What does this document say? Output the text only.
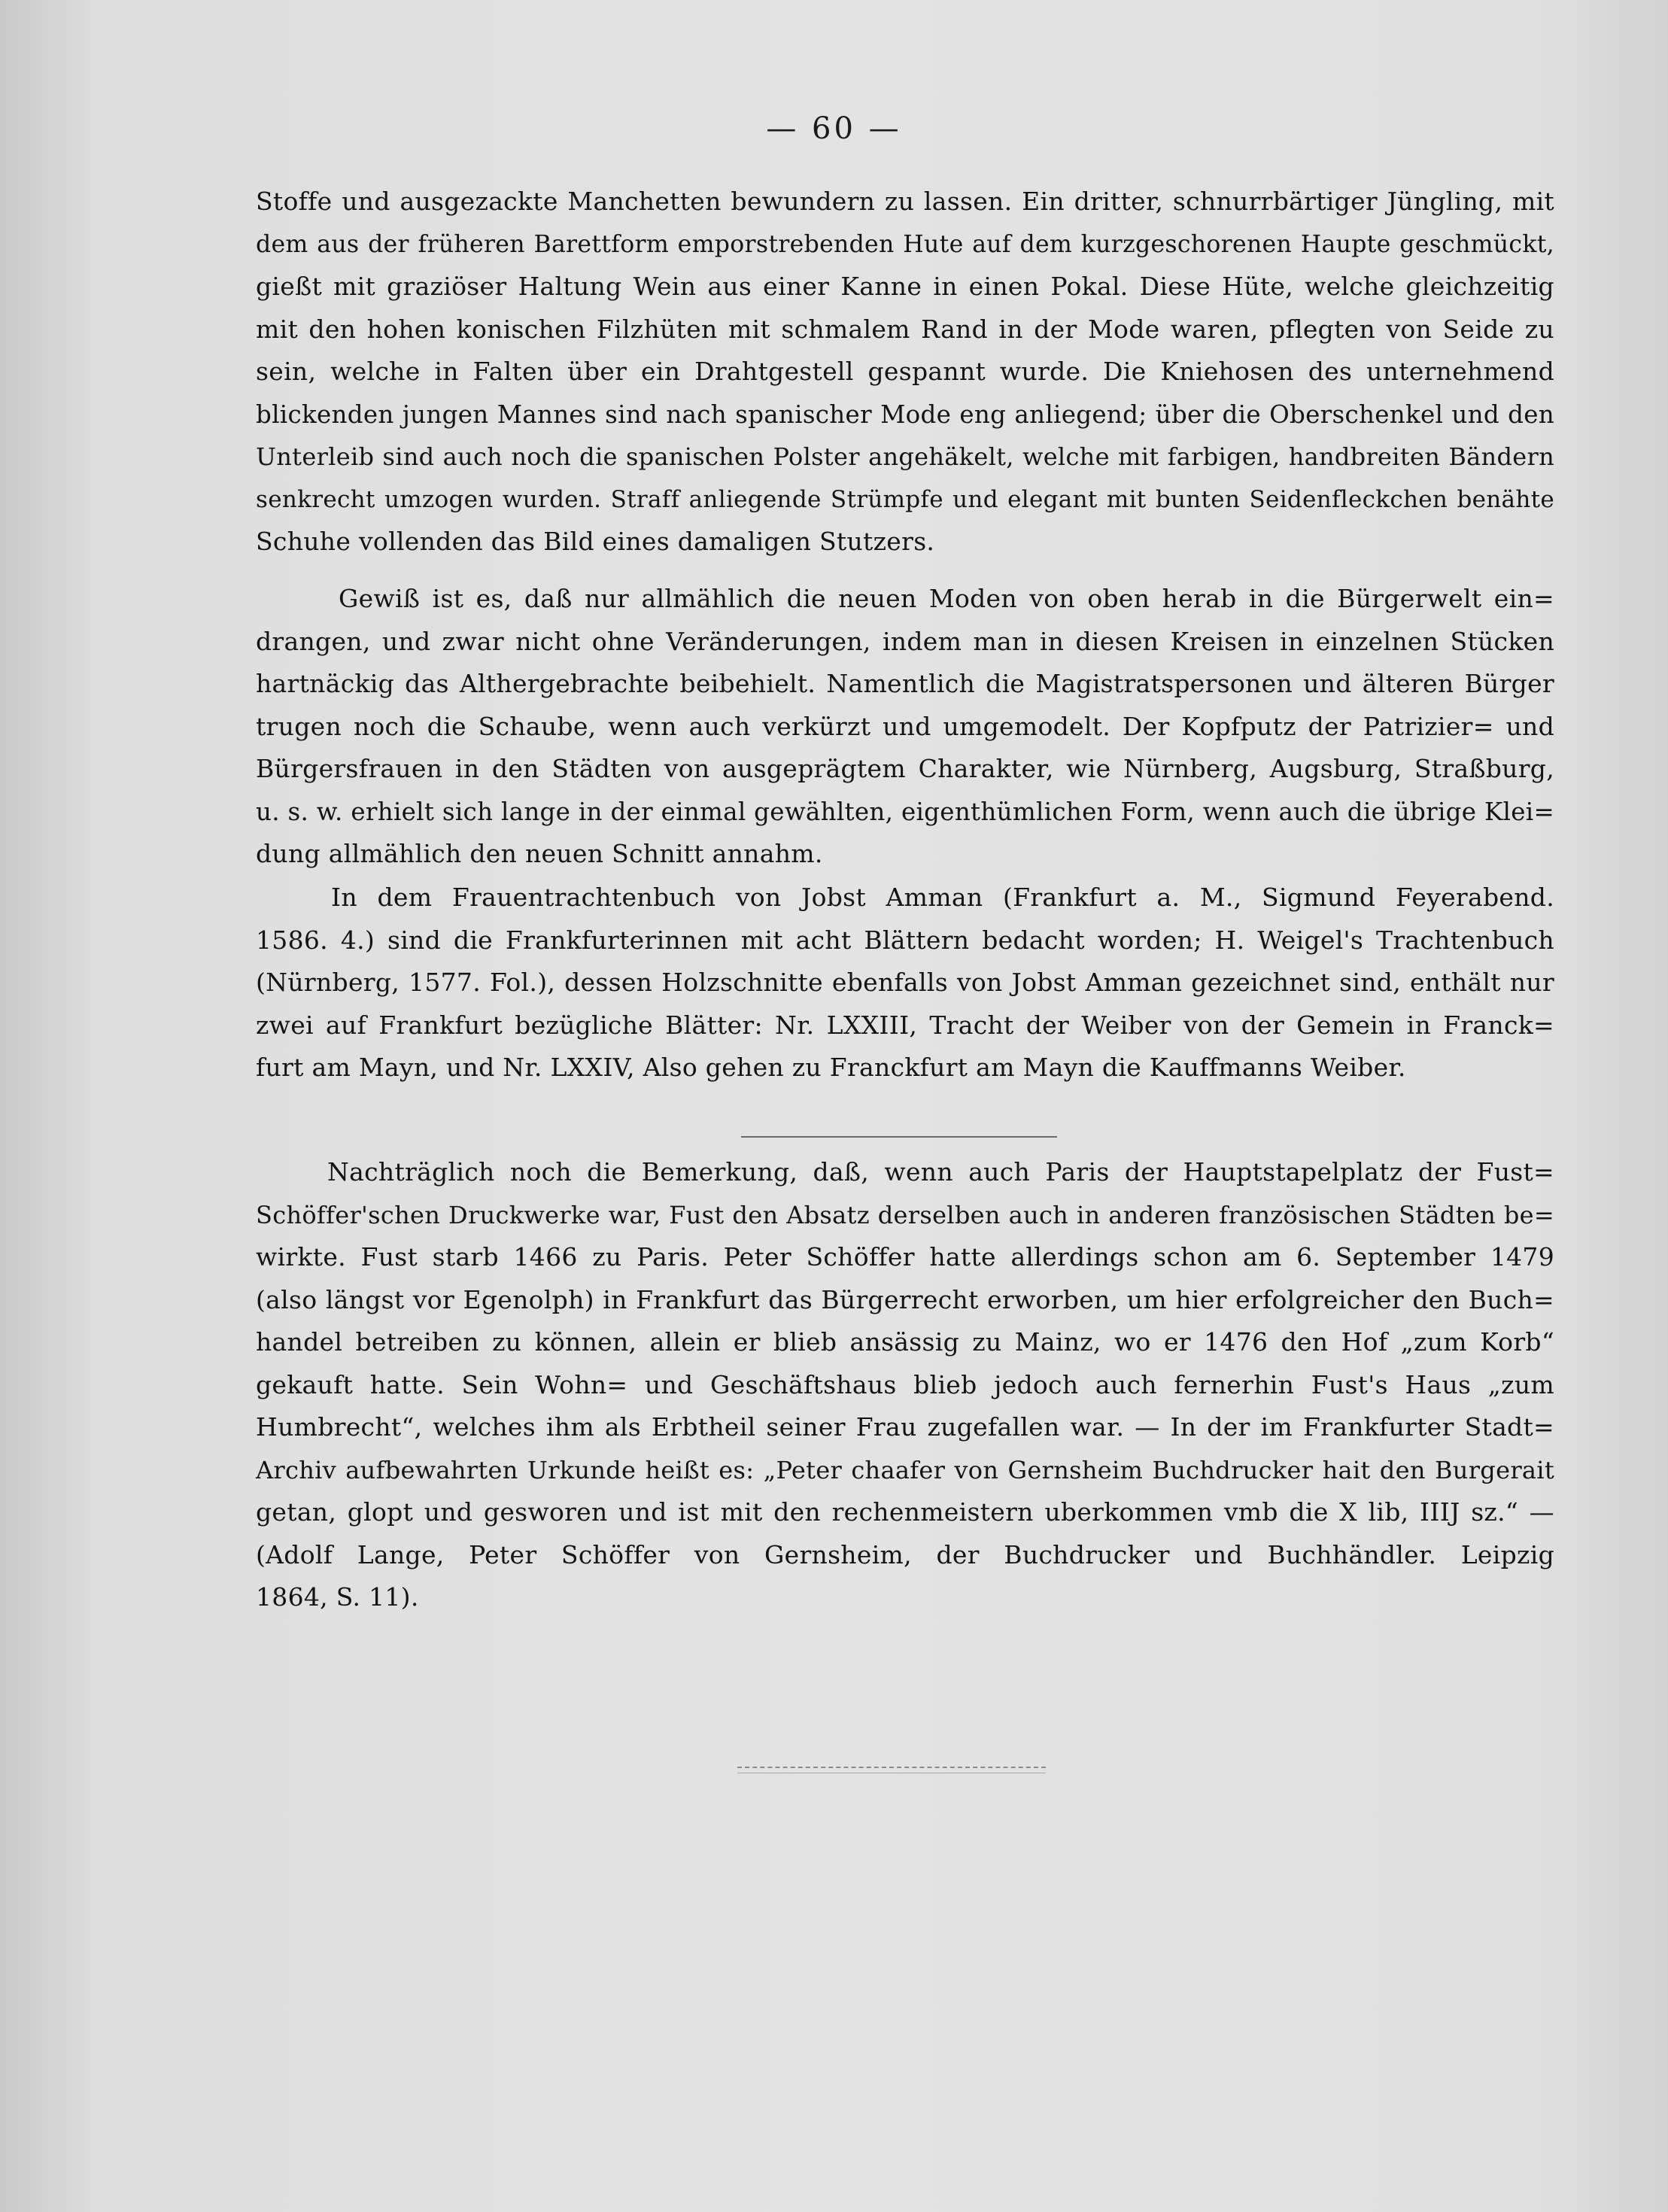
— 60 —
Stoffe und ausgezackte Manchetten bewundern zu lassen. Ein dritter, schnurrbärtiger Jüngling, mit
dem aus der früheren Barettform emporstrebenden Hute auf dem kurzgeschorenen Haupte geschmückt,
gießt mit graziöser Haltung Wein aus einer Kanne in einen Pokal. Diese Hüte, welche gleichzeitig
mit den hohen konischen Filzhüten mit schmalem Rand in der Mode waren, pflegten von Seide zu
sein, welche in Falten über ein Drahtgestell gespannt wurde. Die Kniehosen des unternehmend
blickenden jungen Mannes sind nach spanischer Mode eng anliegend; über die Oberschenkel und den
Unterleib sind auch noch die spanischen Polster angehäkelt, welche mit farbigen, handbreiten Bändern
senkrecht umzogen wurden. Straff anliegende Strümpfe und elegant mit bunten Seidenfleckchen benähte
Schuhe vollenden das Bild eines damaligen Stutzers.
Gewiß ist es, daß nur allmählich die neuen Moden von oben herab in die Bürgerwelt ein=
drangen, und zwar nicht ohne Veränderungen, indem man in diesen Kreisen in einzelnen Stücken
hartnäckig das Althergebrachte beibehielt. Namentlich die Magistratspersonen und älteren Bürger
trugen noch die Schaube, wenn auch verkürzt und umgemodelt. Der Kopfputz der Patrizier= und
Bürgersfrauen in den Städten von ausgeprägtem Charakter, wie Nürnberg, Augsburg, Straßburg,
u. s. w. erhielt sich lange in der einmal gewählten, eigenthümlichen Form, wenn auch die übrige Klei=
dung allmählich den neuen Schnitt annahm.
In dem Frauentrachtenbuch von Jobst Amman (Frankfurt a. M., Sigmund Feyerabend.
1586. 4.) sind die Frankfurterinnen mit acht Blättern bedacht worden; H. Weigel's Trachtenbuch
(Nürnberg, 1577. Fol.), dessen Holzschnitte ebenfalls von Jobst Amman gezeichnet sind, enthält nur
zwei auf Frankfurt bezügliche Blätter: Nr. LXXIII, Tracht der Weiber von der Gemein in Franck=
furt am Mayn, und Nr. LXXIV, Also gehen zu Franckfurt am Mayn die Kauffmanns Weiber.
Nachträglich noch die Bemerkung, daß, wenn auch Paris der Hauptstapelplatz der Fust=
Schöffer'schen Druckwerke war, Fust den Absatz derselben auch in anderen französischen Städten be=
wirkte. Fust starb 1466 zu Paris. Peter Schöffer hatte allerdings schon am 6. September 1479
(also längst vor Egenolph) in Frankfurt das Bürgerrecht erworben, um hier erfolgreicher den Buch=
handel betreiben zu können, allein er blieb ansässig zu Mainz, wo er 1476 den Hof „zum Korb“
gekauft hatte. Sein Wohn= und Geschäftshaus blieb jedoch auch fernerhin Fust's Haus „zum
Humbrecht“, welches ihm als Erbtheil seiner Frau zugefallen war. — In der im Frankfurter Stadt=
Archiv aufbewahrten Urkunde heißt es: „Peter chaafer von Gernsheim Buchdrucker hait den Burgerait
getan, glopt und gesworen und ist mit den rechenmeistern uberkommen vmb die X lib, IIIJ sz.“ —
(Adolf Lange, Peter Schöffer von Gernsheim, der Buchdrucker und Buchhändler. Leipzig
1864, S. 11).
